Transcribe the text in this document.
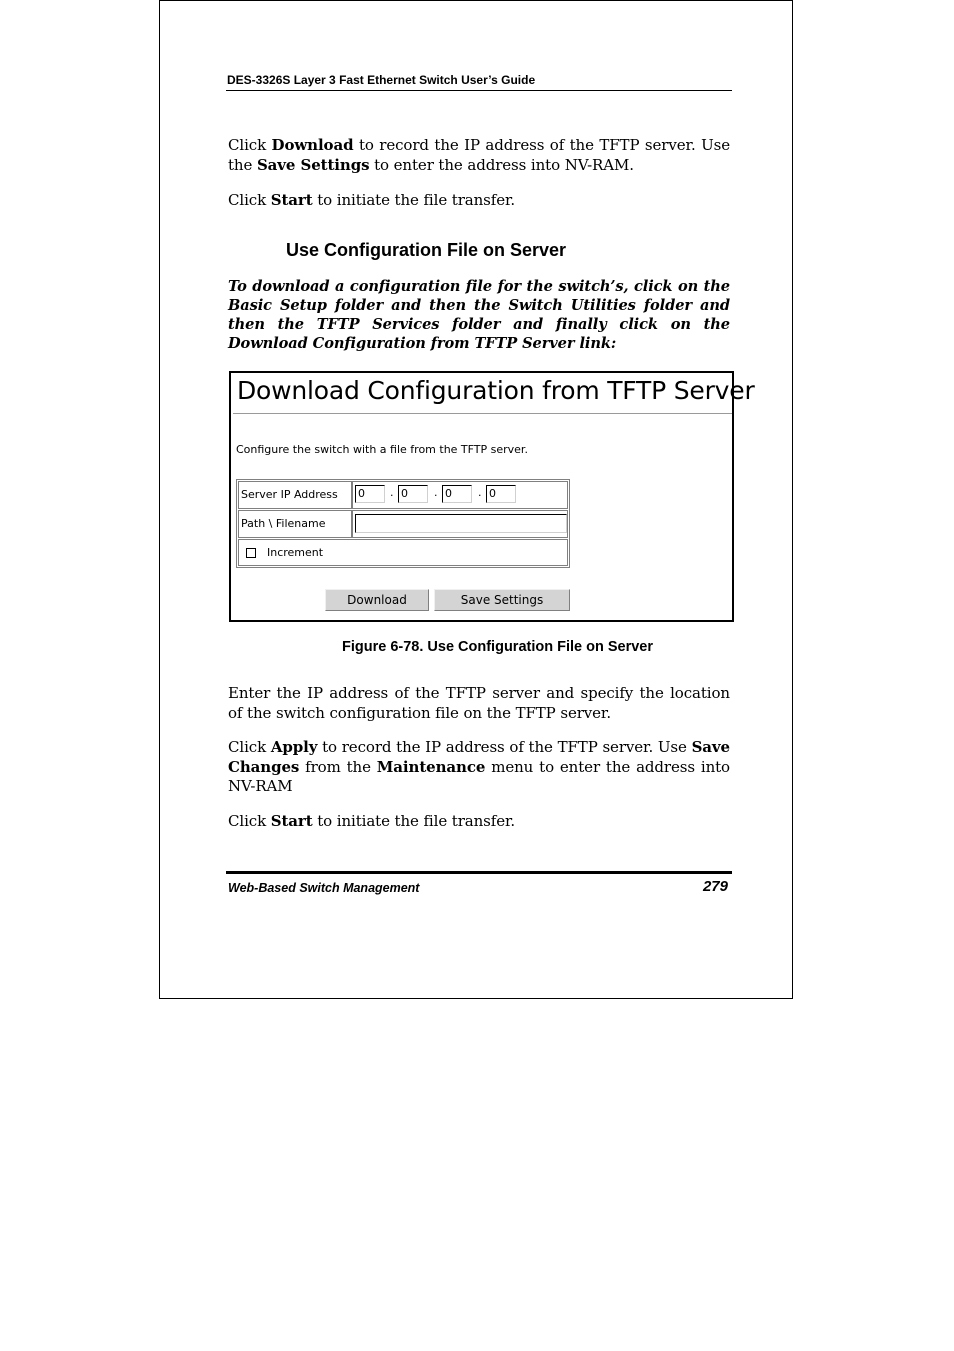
DES-3326S Layer 3 Fast Ethernet Switch User’s Guide
Click Download to record the IP address of the TFTP server. Use the Save Settings to enter the address into NV-RAM.
Click Start to initiate the file transfer.
Use Configuration File on Server
To download a configuration file for the switch’s, click on the Basic Setup folder and then the Switch Utilities folder and then the TFTP Services folder and finally click on the Download Configuration from TFTP Server link:
Download Configuration from TFTP Server
Configure the switch with a file from the TFTP server.
Server IP Address	0	. 0	. 0	. 0
Path \ Filename
Increment
Download	Save Settings
Figure 6-78. Use Configuration File on Server
Enter the IP address of the TFTP server and specify the location of the switch configuration file on the TFTP server.
Click Apply to record the IP address of the TFTP server. Use Save Changes from the Maintenance menu to enter the address into NV-RAM
Click Start to initiate the file transfer.
Web-Based Switch Management	279
